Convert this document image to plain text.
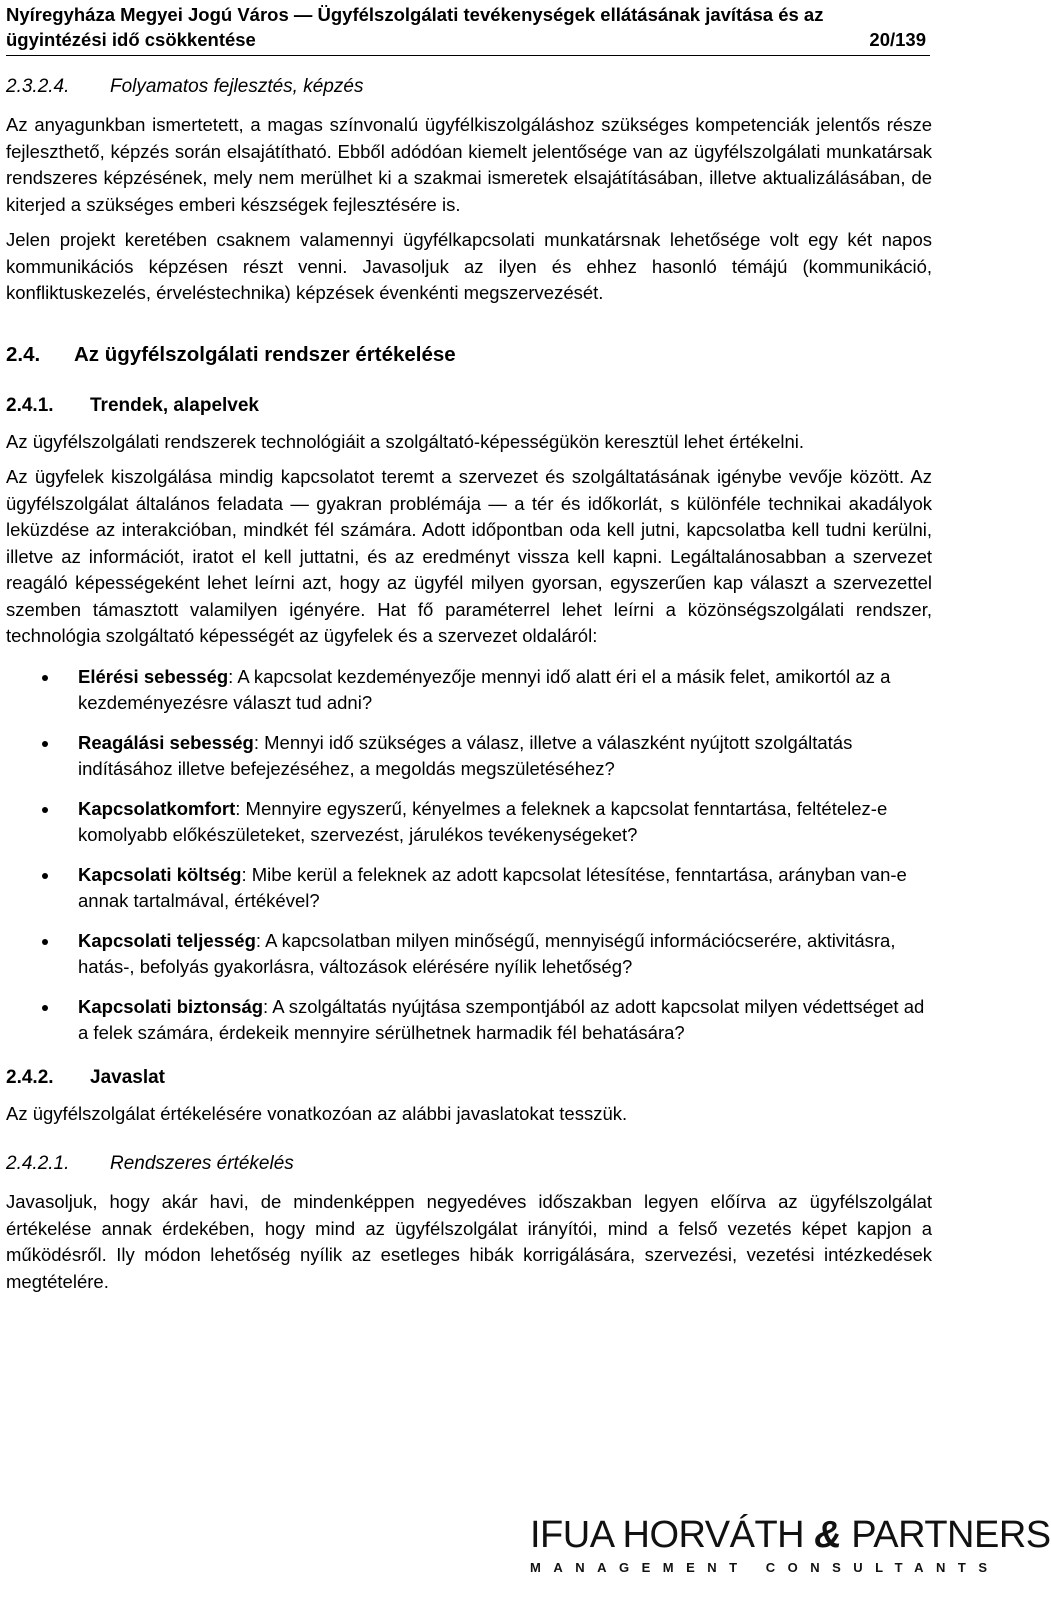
Nyíregyháza Megyei Jogú Város — Ügyfélszolgálati tevékenységek ellátásának javítása és az ügyintézési idő csökkentése	20/139
2.3.2.4. Folyamatos fejlesztés, képzés

Az anyagunkban ismertetett, a magas színvonalú ügyfélkiszolgáláshoz szükséges kompetenciák jelentős része fejleszthető, képzés során elsajátítható. Ebből adódóan kiemelt jelentősége van az ügyfélszolgálati munkatársak rendszeres képzésének, mely nem merülhet ki a szakmai ismeretek elsajátításában, illetve aktualizálásában, de kiterjed a szükséges emberi készségek fejlesztésére is.

Jelen projekt keretében csaknem valamennyi ügyfélkapcsolati munkatársnak lehetősége volt egy két napos kommunikációs képzésen részt venni. Javasoljuk az ilyen és ehhez hasonló témájú (kommunikáció, konfliktuskezelés, érveléstechnika) képzések évenkénti megszervezését.

2.4. Az ügyfélszolgálati rendszer értékelése
2.4.1. Trendek, alapelvek

Az ügyfélszolgálati rendszerek technológiáit a szolgáltató-képességükön keresztül lehet értékelni.

Az ügyfelek kiszolgálása mindig kapcsolatot teremt a szervezet és szolgáltatásának igénybe vevője között. Az ügyfélszolgálat általános feladata — gyakran problémája — a tér és időkorlát, s különféle technikai akadályok leküzdése az interakcióban, mindkét fél számára. Adott időpontban oda kell jutni, kapcsolatba kell tudni kerülni, illetve az információt, iratot el kell juttatni, és az eredményt vissza kell kapni. Legáltalánosabban a szervezet reagáló képességeként lehet leírni azt, hogy az ügyfél milyen gyorsan, egyszerűen kap választ a szervezettel szemben támasztott valamilyen igényére. Hat fő paraméterrel lehet leírni a közönségszolgálati rendszer, technológia szolgáltató képességét az ügyfelek és a szervezet oldaláról:

Elérési sebesség: A kapcsolat kezdeményezője mennyi idő alatt éri el a másik felet, amikortól az a kezdeményezésre választ tud adni?
Reagálási sebesség: Mennyi idő szükséges a válasz, illetve a válaszként nyújtott szolgáltatás indításához illetve befejezéséhez, a megoldás megszületéséhez?
Kapcsolatkomfort: Mennyire egyszerű, kényelmes a feleknek a kapcsolat fenntartása, feltételez-e komolyabb előkészületeket, szervezést, járulékos tevékenységeket?
Kapcsolati költség: Mibe kerül a feleknek az adott kapcsolat létesítése, fenntartása, arányban van-e annak tartalmával, értékével?
Kapcsolati teljesség: A kapcsolatban milyen minőségű, mennyiségű információcserére, aktivitásra, hatás-, befolyás gyakorlásra, változások elérésére nyílik lehetőség?
Kapcsolati biztonság: A szolgáltatás nyújtása szempontjából az adott kapcsolat milyen védettséget ad a felek számára, érdekeik mennyire sérülhetnek harmadik fél behatására?
2.4.2. Javaslat

Az ügyfélszolgálat értékelésére vonatkozóan az alábbi javaslatokat tesszük.

2.4.2.1. Rendszeres értékelés

Javasoljuk, hogy akár havi, de mindenképpen negyedéves időszakban legyen előírva az ügyfélszolgálat értékelése annak érdekében, hogy mind az ügyfélszolgálat irányítói, mind a felső vezetés képet kapjon a működésről. Ily módon lehetőség nyílik az esetleges hibák korrigálására, szervezési, vezetési intézkedések megtételére.

IFUA HORVÁTH & PARTNERS
MANAGEMENT CONSULTANTS
